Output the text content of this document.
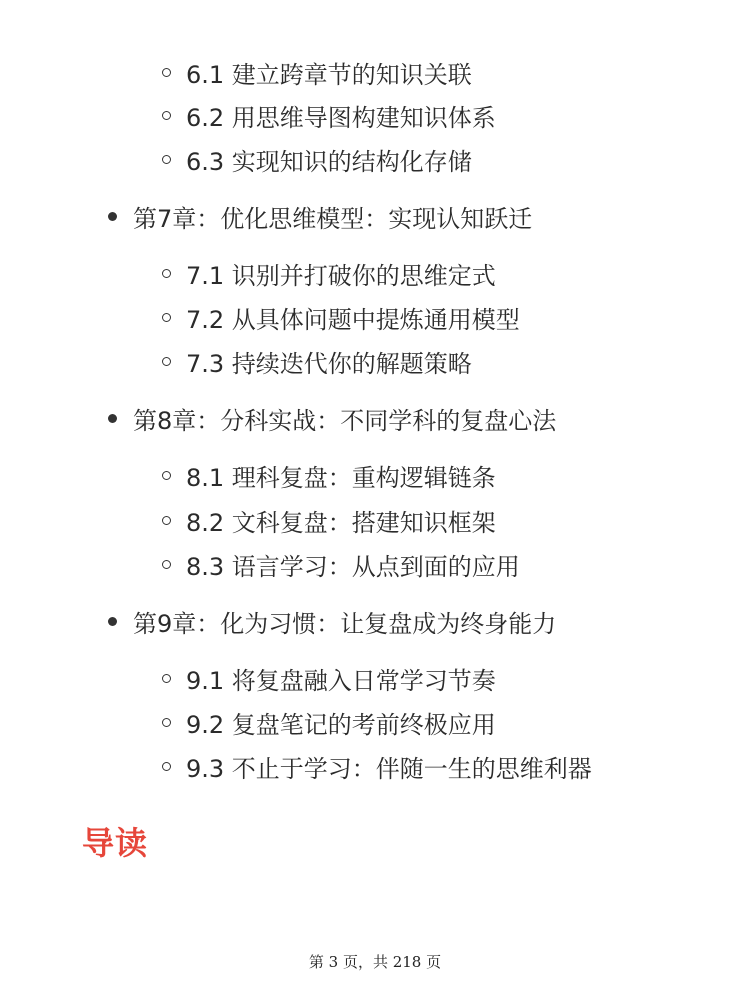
6.1 建立跨章节的知识关联
6.2 用思维导图构建知识体系
6.3 实现知识的结构化存储
第7章：优化思维模型：实现认知跃迁
7.1 识别并打破你的思维定式
7.2 从具体问题中提炼通用模型
7.3 持续迭代你的解题策略
第8章：分科实战：不同学科的复盘心法
8.1 理科复盘：重构逻辑链条
8.2 文科复盘：搭建知识框架
8.3 语言学习：从点到面的应用
第9章：化为习惯：让复盘成为终身能力
9.1 将复盘融入日常学习节奏
9.2 复盘笔记的考前终极应用
9.3 不止于学习：伴随一生的思维利器
导读
第 3 页，共 218 页
